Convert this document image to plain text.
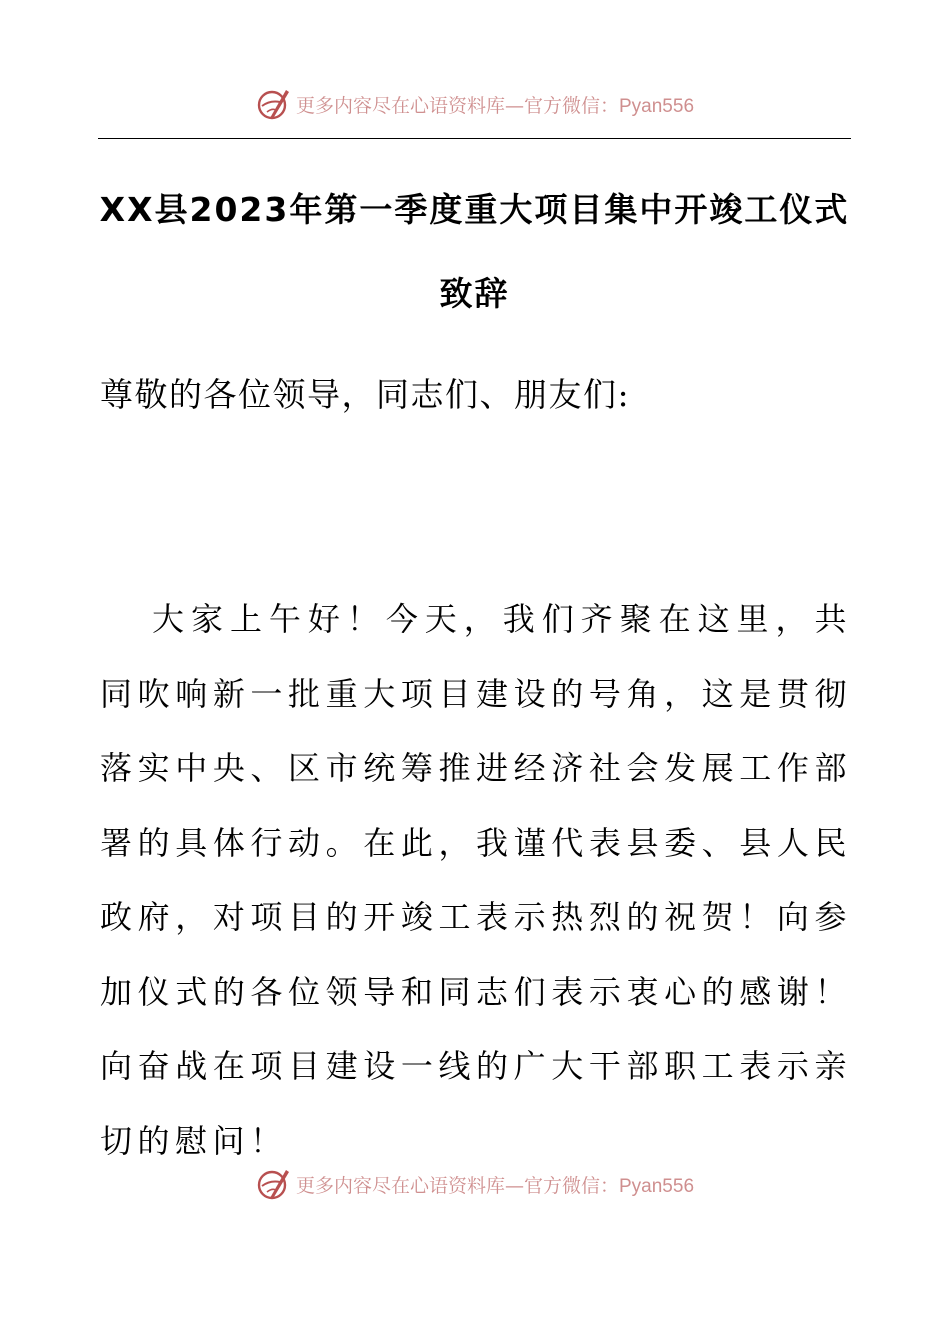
更多内容尽在心语资料库—官方微信：Pyan556
XX县2023年第一季度重大项目集中开竣工仪式致辞

尊敬的各位领导，同志们、朋友们:

大家上午好！今天，我们齐聚在这里，共同吹响新一批重大项目建设的号角，这是贯彻落实中央、区市统筹推进经济社会发展工作部署的具体行动。在此，我谨代表县委、县人民政府，对项目的开竣工表示热烈的祝贺！向参加仪式的各位领导和同志们表示衷心的感谢！向奋战在项目建设一线的广大干部职工表示亲切的慰问！

更多内容尽在心语资料库—官方微信：Pyan556
